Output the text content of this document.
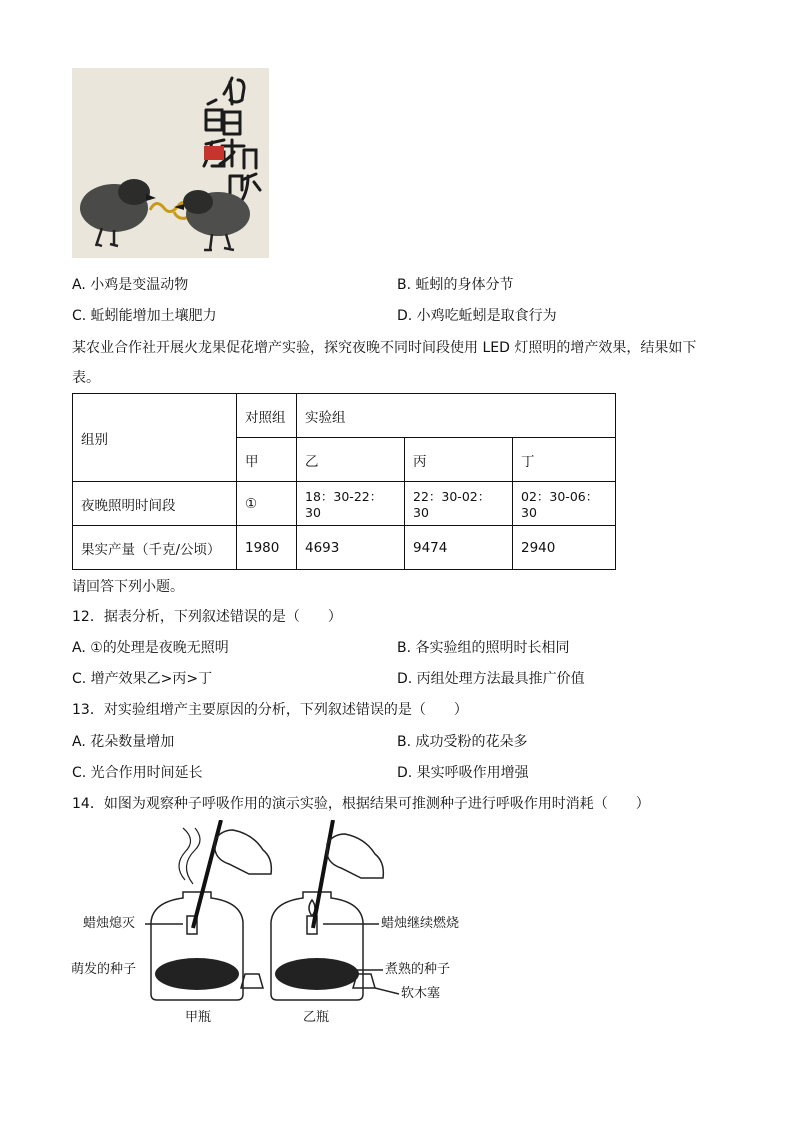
A. 小鸡是变温动物	B. 蚯蚓的身体分节
C. 蚯蚓能增加土壤肥力	D. 小鸡吃蚯蚓是取食行为
某农业合作社开展火龙果促花增产实验，探究夜晚不同时间段使用 LED 灯照明的增产效果，结果如下
表。
组别	对照组	实验组		
	甲	乙	丙	丁
夜晚照明时间段	①	18：30-22：30	22：30-02：30	02：30-06：30
果实产量（千克/公顷）	1980	4693	9474	2940
请回答下列小题。
12．据表分析，下列叙述错误的是（　　）
A. ①的处理是夜晚无照明	B. 各实验组的照明时长相同
C. 增产效果乙>丙>丁	D. 丙组处理方法最具推广价值
13．对实验组增产主要原因的分析，下列叙述错误的是（　　）
A. 花朵数量增加	B. 成功受粉的花朵多
C. 光合作用时间延长	D. 果实呼吸作用增强
14．如图为观察种子呼吸作用的演示实验，根据结果可推测种子进行呼吸作用时消耗（　　）
蜡烛熄灭
萌发的种子
蜡烛继续燃烧
煮熟的种子
软木塞
甲瓶	乙瓶
